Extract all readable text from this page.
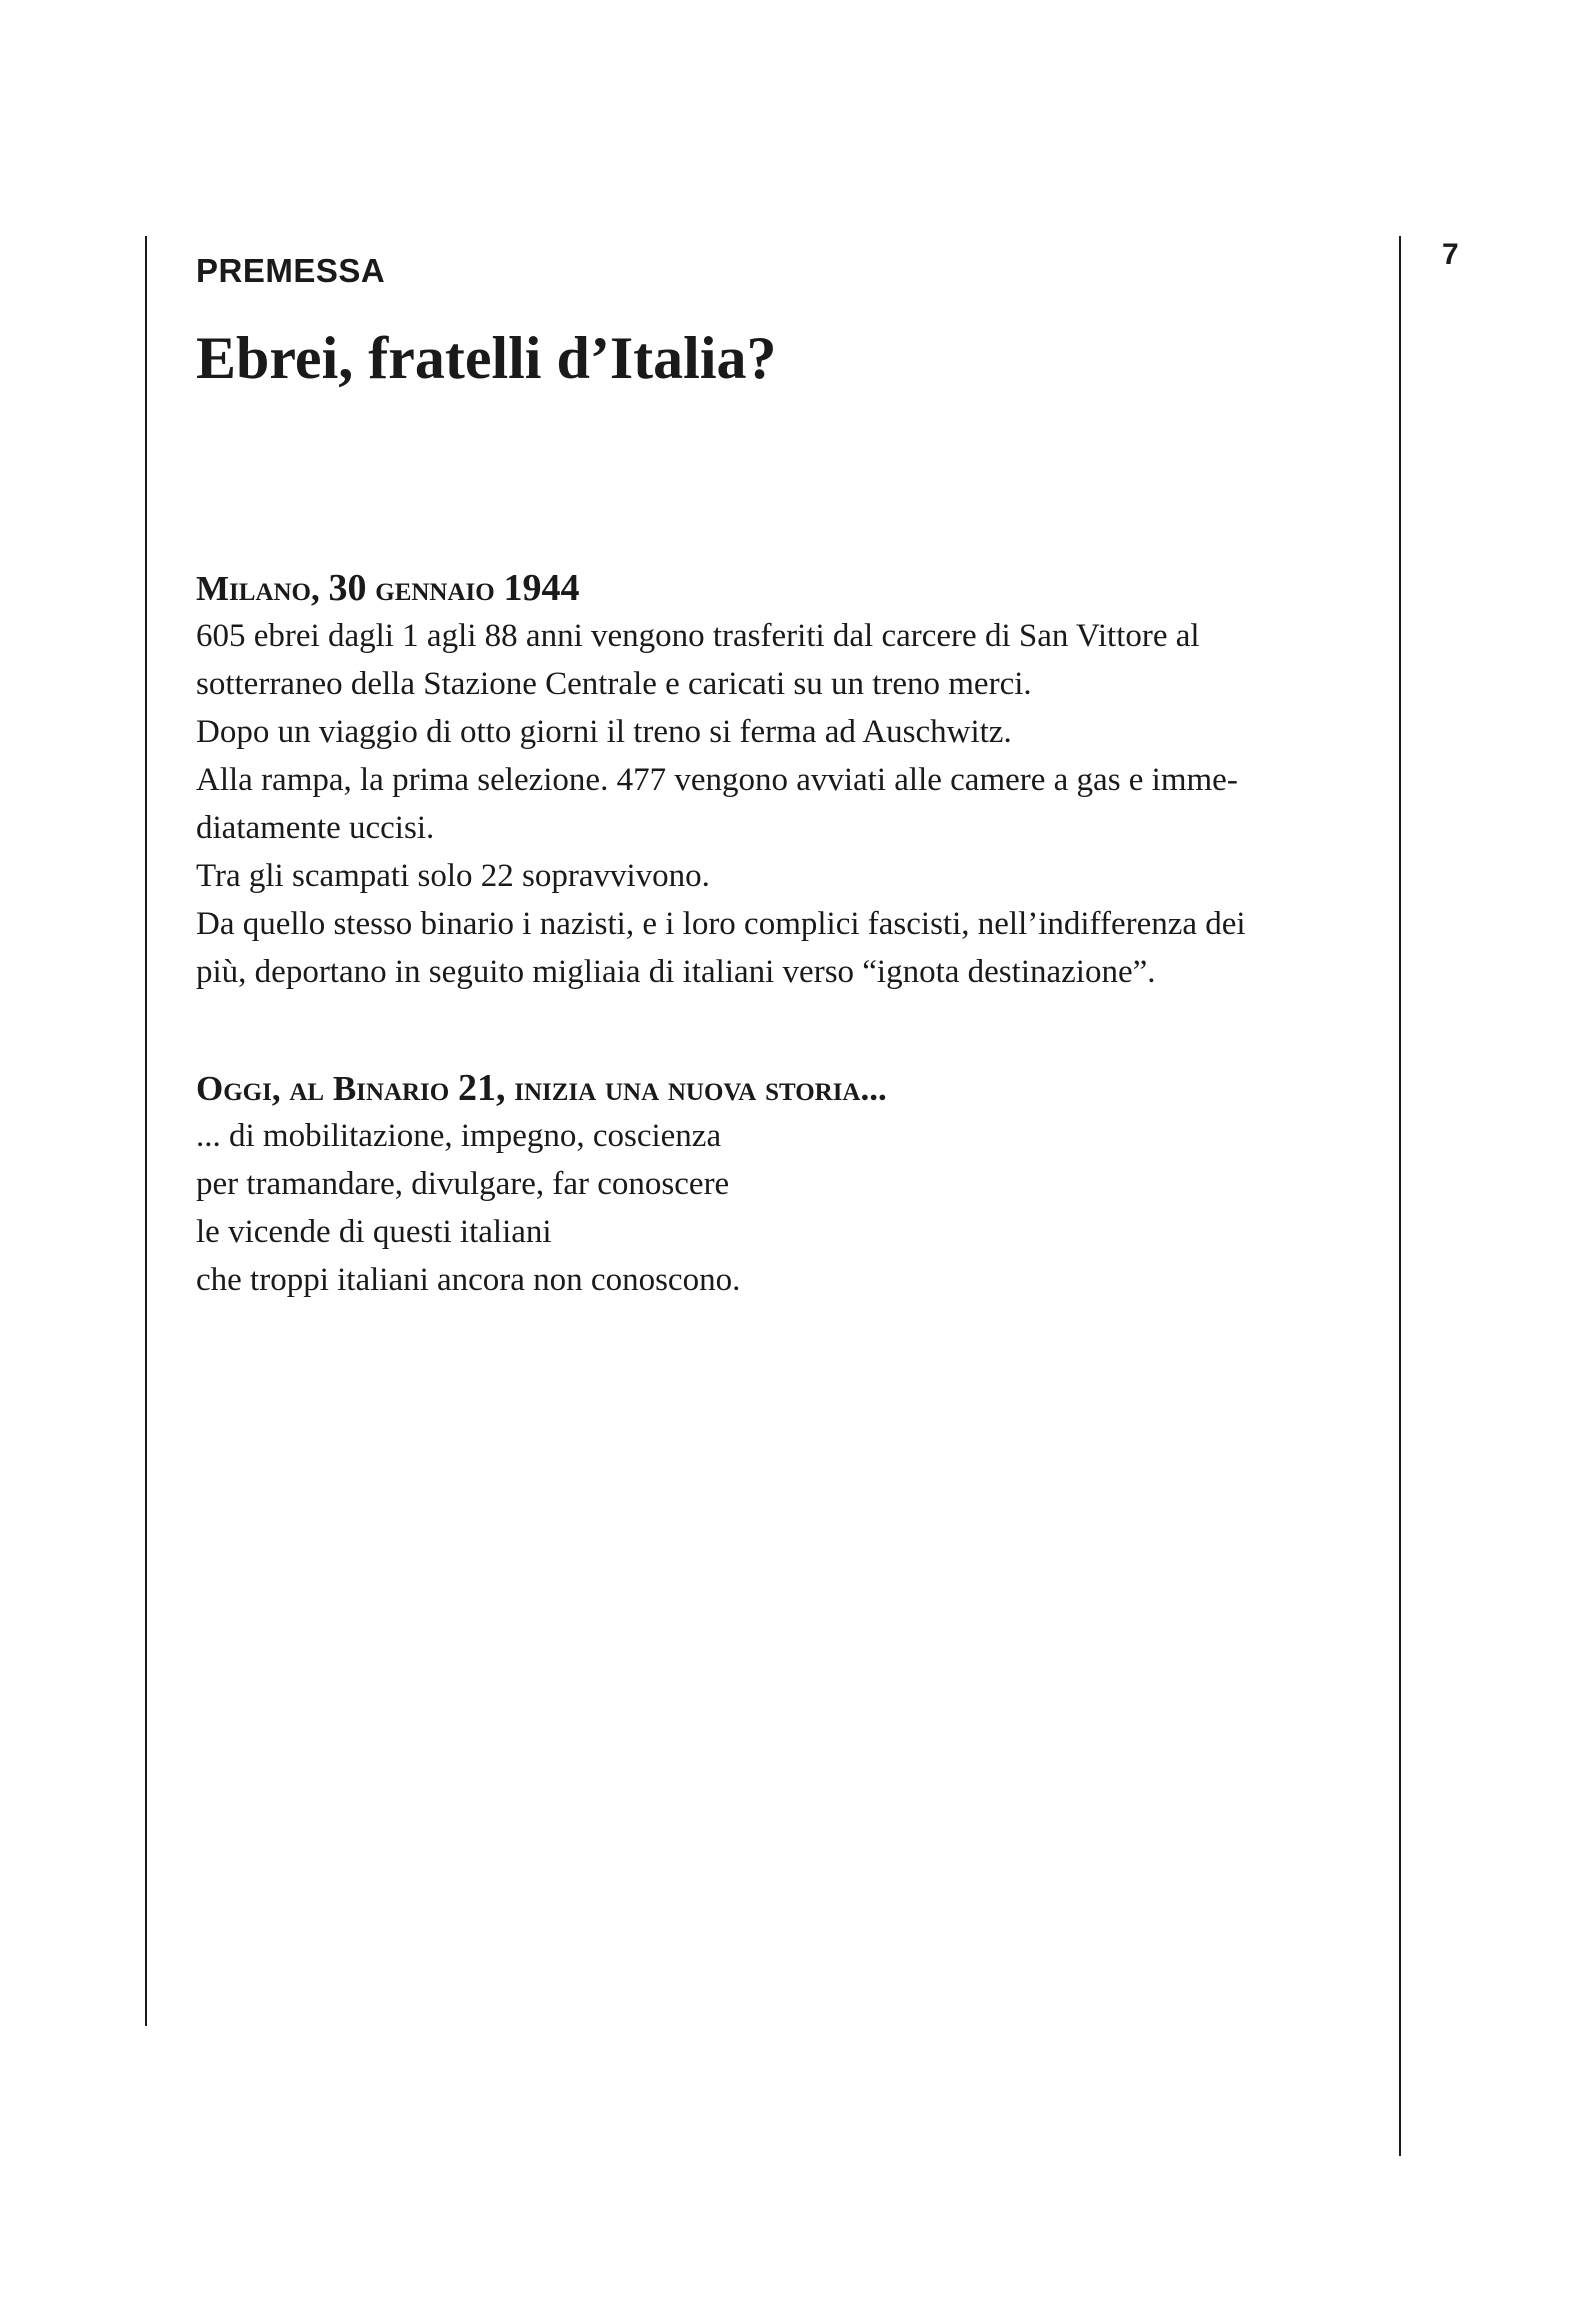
7
PREMESSA
Ebrei, fratelli d’Italia?
Milano, 30 gennaio 1944

605 ebrei dagli 1 agli 88 anni vengono trasferiti dal carcere di San Vittore al

sotterraneo della Stazione Centrale e caricati su un treno merci.

Dopo un viaggio di otto giorni il treno si ferma ad Auschwitz.

Alla rampa, la prima selezione. 477 vengono avviati alle camere a gas e imme-

diatamente uccisi.

Tra gli scampati solo 22 sopravvivono.

Da quello stesso binario i nazisti, e i loro complici fascisti, nell’indifferenza dei

più, deportano in seguito migliaia di italiani verso “ignota destinazione”.

Oggi, al Binario 21, inizia una nuova storia...

... di mobilitazione, impegno, coscienza

per tramandare, divulgare, far conoscere

le vicende di questi italiani

che troppi italiani ancora non conoscono.
